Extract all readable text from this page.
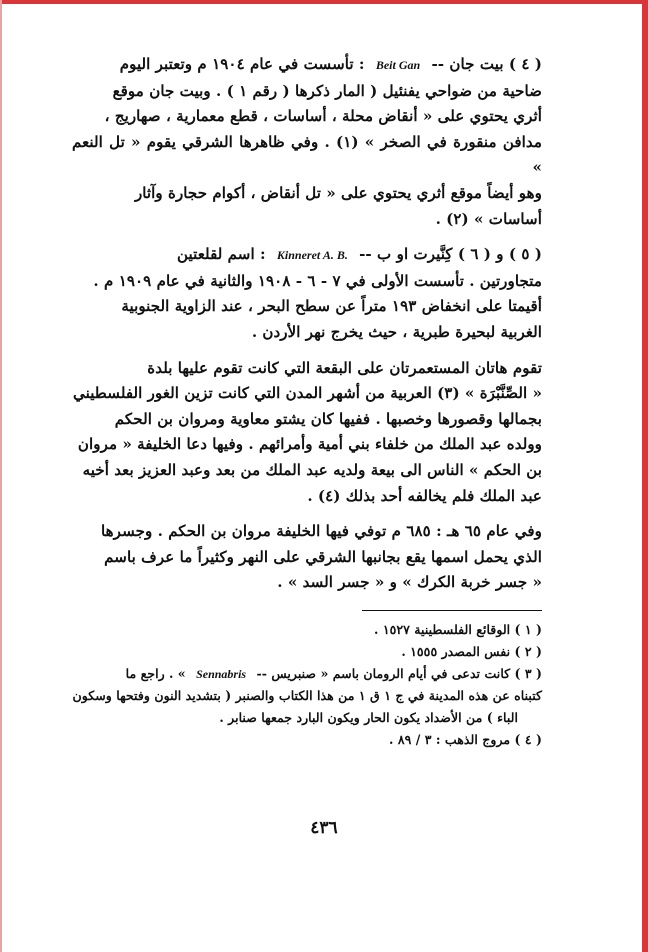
( ٤ ) بيت جان -- Beit Gan : تأسست في عام ١٩٠٤ م وتعتبر اليوم

ضاحية من ضواحي يفنئيل ( المار ذكرها ( رقم ١ ) . وبيت جان موقع

أثري يحتوي على « أنقاض محلة ، أساسات ، قطع معمارية ، صهاريج ،

مدافن منقورة في الصخر » (١) . وفي ظاهرها الشرقي يقوم « تل النعم »

وهو أيضاً موقع أثري يحتوي على « تل أنقاض ، أكوام حجارة وآثار

أساسات » (٢) .

( ٥ ) و ( ٦ ) كِنَّيرت او ب -- Kinneret A. B. : اسم لقلعتين

متجاورتين . تأسست الأولى في ٧ - ٦ - ١٩٠٨ والثانية في عام ١٩٠٩ م .

أقيمتا على انخفاض ١٩٣ متراً عن سطح البحر ، عند الزاوية الجنوبية

الغربية لبحيرة طبرية ، حيث يخرج نهر الأردن .

تقوم هاتان المستعمرتان على البقعة التي كانت تقوم عليها بلدة

« الصِّنَّبْرَة » (٣) العربية من أشهر المدن التي كانت تزين الغور الفلسطيني

بجمالها وقصورها وخصبها . ففيها كان يشتو معاوية ومروان بن الحكم

وولده عبد الملك من خلفاء بني أمية وأمرائهم . وفيها دعا الخليفة « مروان

بن الحكم » الناس الى بيعة ولديه عبد الملك من بعد وعبد العزيز بعد أخيه

عبد الملك فلم يخالفه أحد بذلك (٤) .

وفي عام ٦٥ هـ : ٦٨٥ م توفي فيها الخليفة مروان بن الحكم . وجسرها

الذي يحمل اسمها يقع بجانبها الشرقي على النهر وكثيراً ما عرف باسم

« جسر خربة الكرك » و « جسر السد » .

( ١ ) الوقائع الفلسطينية ١٥٢٧ .

( ٢ ) نفس المصدر ١٥٥٥ .

( ٣ ) كانت تدعى في أيام الرومان باسم « صنبريس -- Sennabris » . راجع ما

كتبناه عن هذه المدينة في ج ١ ق ١ من هذا الكتاب والصنبر ( بتشديد النون وفتحها وسكون

الباء ) من الأضداد يكون الحار ويكون البارد جمعها صنابر .

( ٤ ) مروج الذهب : ٣ / ٨٩ .

٤٣٦
